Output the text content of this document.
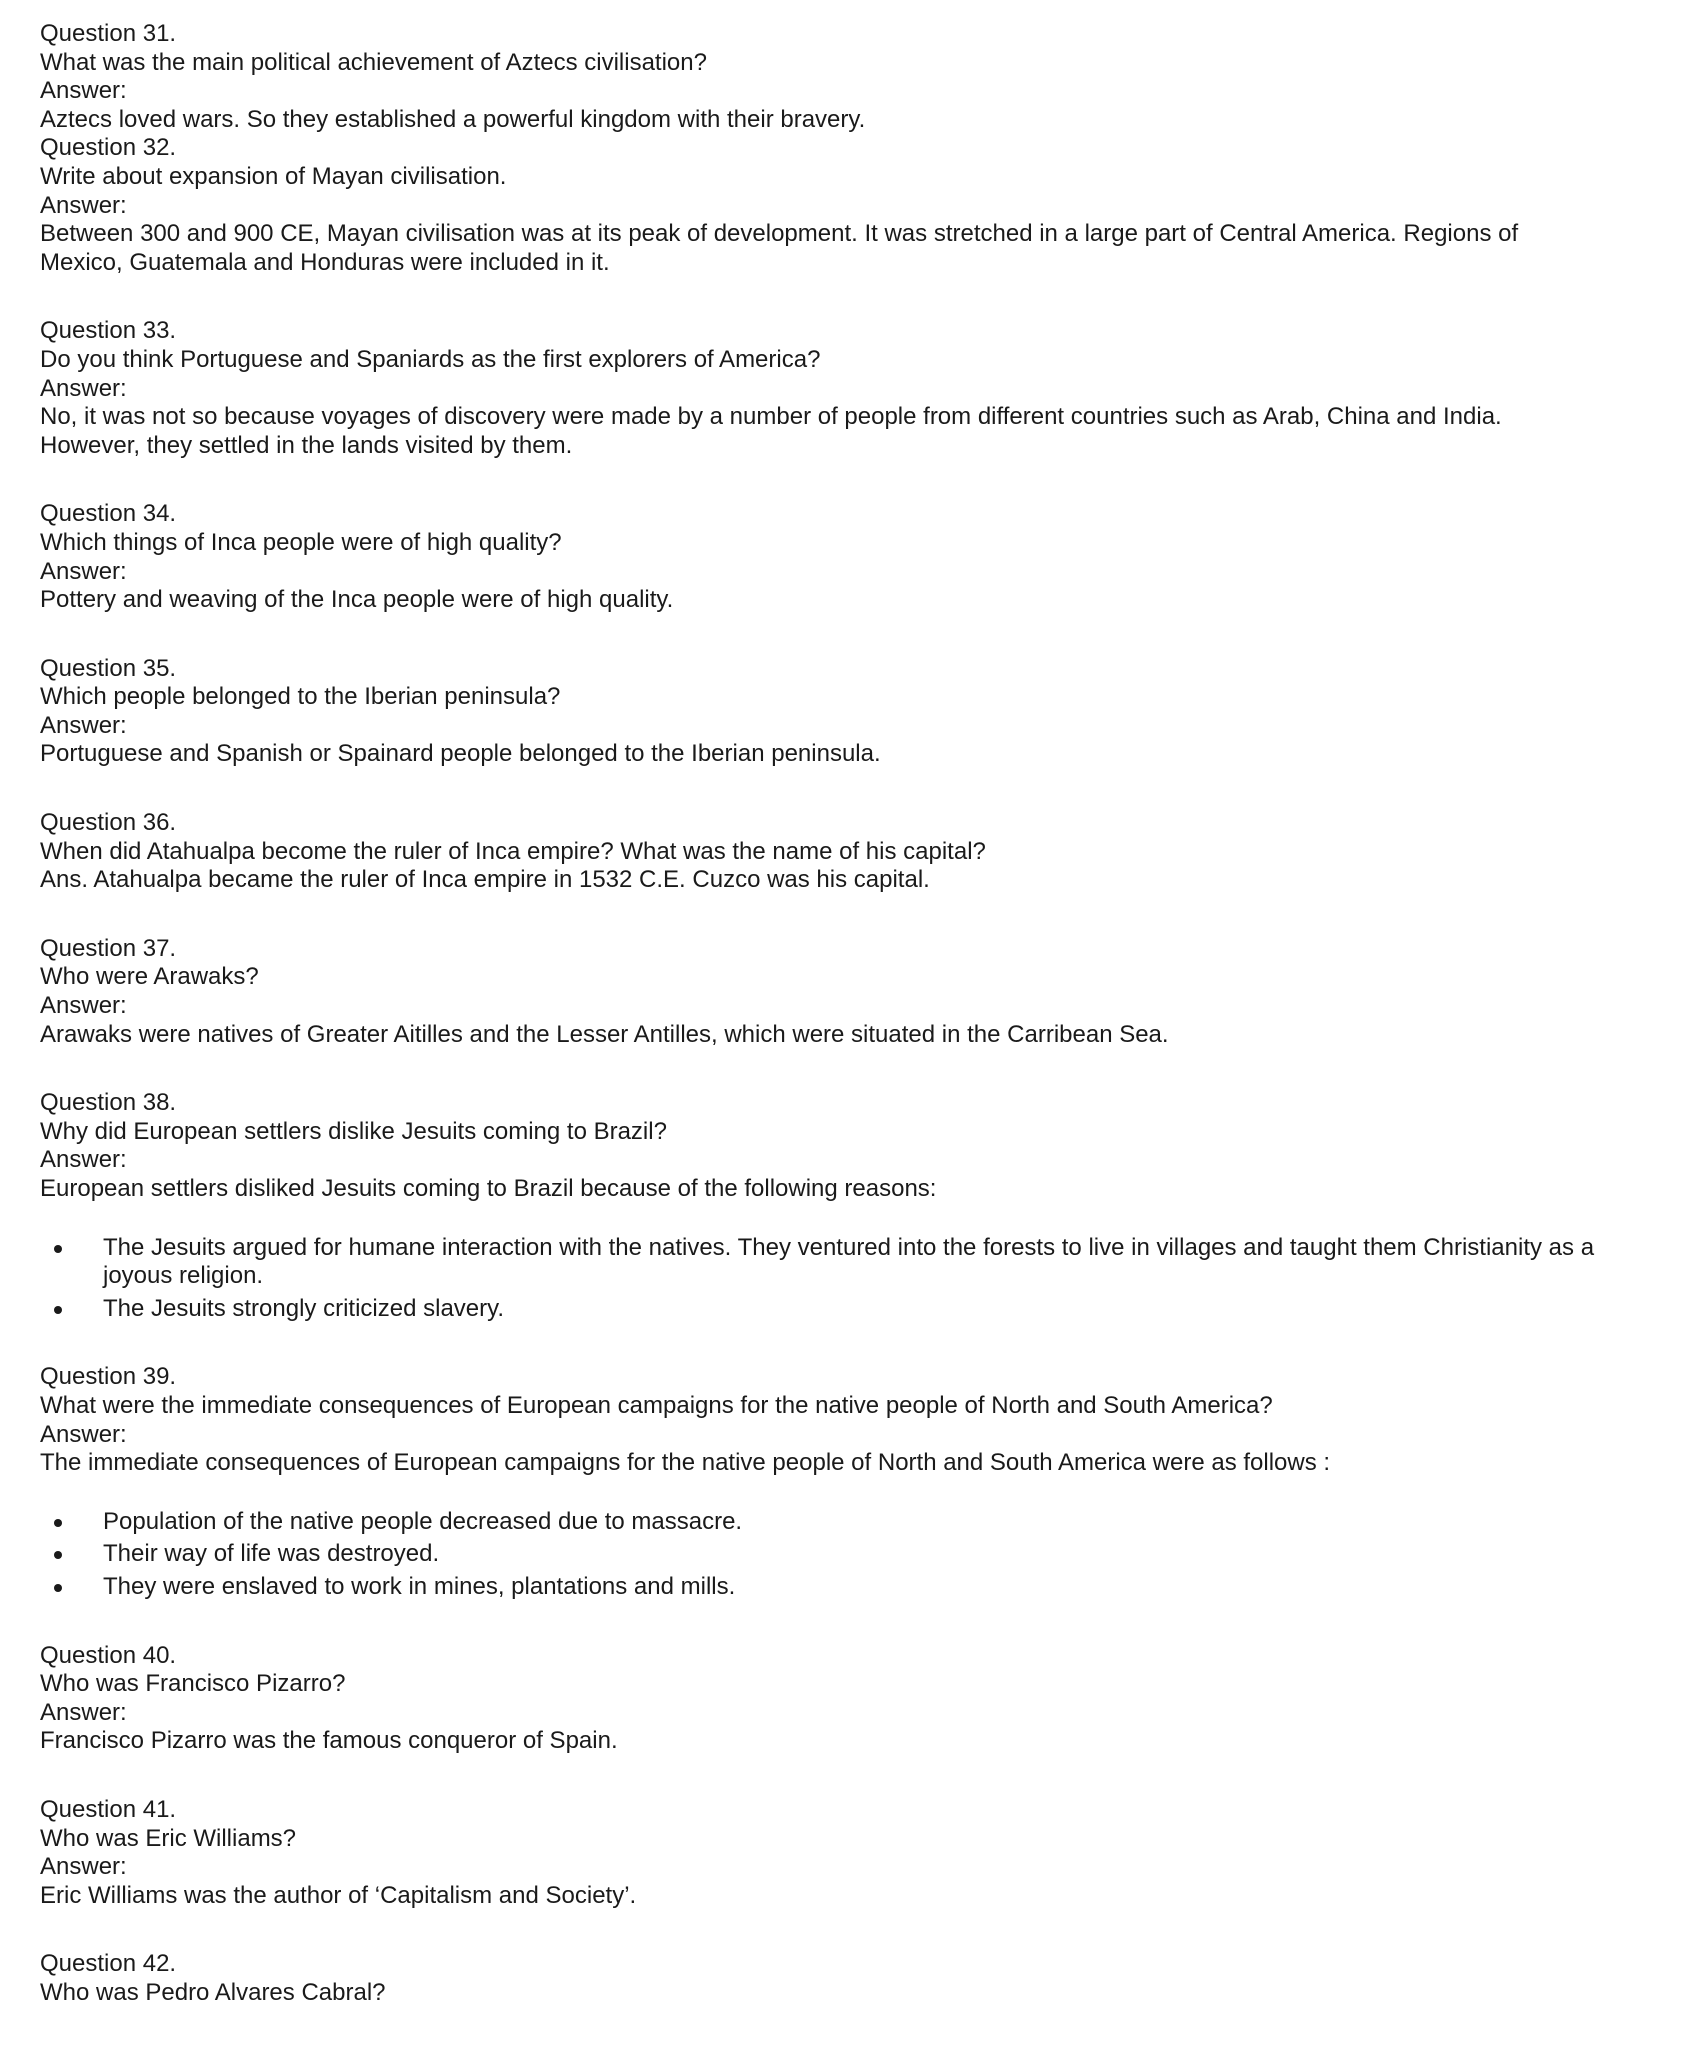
Question 31.
What was the main political achievement of Aztecs civilisation?
Answer:
Aztecs loved wars. So they established a powerful kingdom with their bravery.
Question 32.
Write about expansion of Mayan civilisation.
Answer:
Between 300 and 900 CE, Mayan civilisation was at its peak of development. It was stretched in a large part of Central America. Regions of Mexico, Guatemala and Honduras were included in it.
Question 33.
Do you think Portuguese and Spaniards as the first explorers of America?
Answer:
No, it was not so because voyages of discovery were made by a number of people from different countries such as Arab, China and India. However, they settled in the lands visited by them.
Question 34.
Which things of Inca people were of high quality?
Answer:
Pottery and weaving of the Inca people were of high quality.
Question 35.
Which people belonged to the Iberian peninsula?
Answer:
Portuguese and Spanish or Spainard people belonged to the Iberian peninsula.
Question 36.
When did Atahualpa become the ruler of Inca empire? What was the name of his capital?
Ans. Atahualpa became the ruler of Inca empire in 1532 C.E. Cuzco was his capital.
Question 37.
Who were Arawaks?
Answer:
Arawaks were natives of Greater Aitilles and the Lesser Antilles, which were situated in the Carribean Sea.
Question 38.
Why did European settlers dislike Jesuits coming to Brazil?
Answer:
European settlers disliked Jesuits coming to Brazil because of the following reasons:
The Jesuits argued for humane interaction with the natives. They ventured into the forests to live in villages and taught them Christianity as a joyous religion.
The Jesuits strongly criticized slavery.
Question 39.
What were the immediate consequences of European campaigns for the native people of North and South America?
Answer:
The immediate consequences of European campaigns for the native people of North and South America were as follows :
Population of the native people decreased due to massacre.
Their way of life was destroyed.
They were enslaved to work in mines, plantations and mills.
Question 40.
Who was Francisco Pizarro?
Answer:
Francisco Pizarro was the famous conqueror of Spain.
Question 41.
Who was Eric Williams?
Answer:
Eric Williams was the author of ‘Capitalism and Society’.
Question 42.
Who was Pedro Alvares Cabral?
